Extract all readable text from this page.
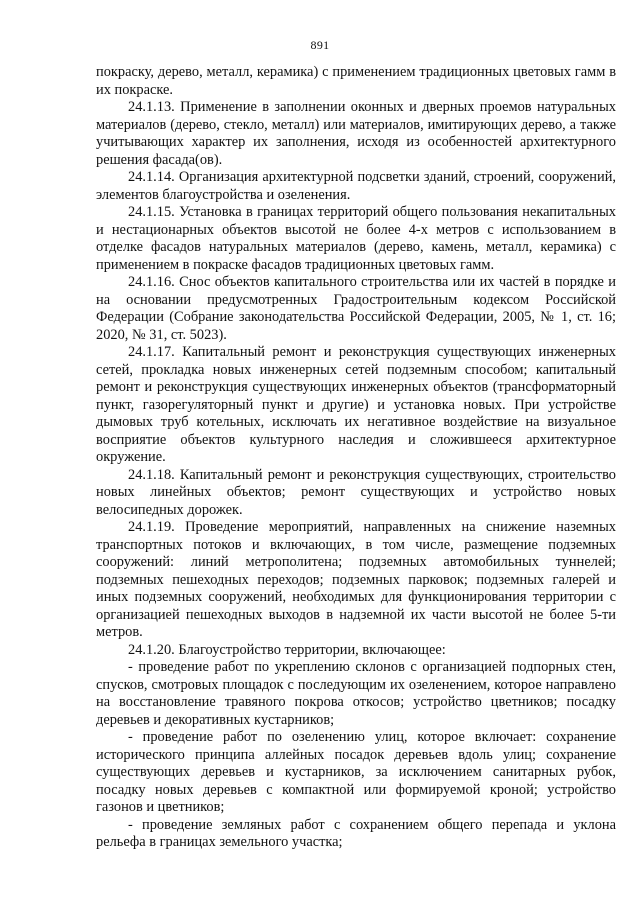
891

покраску, дерево, металл, керамика) с применением традиционных цветовых гамм в их покраске.

24.1.13. Применение в заполнении оконных и дверных проемов натуральных материалов (дерево, стекло, металл) или материалов, имитирующих дерево, а также учитывающих характер их заполнения, исходя из особенностей архитектурного решения фасада(ов).

24.1.14. Организация архитектурной подсветки зданий, строений, сооружений, элементов благоустройства и озеленения.

24.1.15. Установка в границах территорий общего пользования некапитальных и нестационарных объектов высотой не более 4-х метров с использованием в отделке фасадов натуральных материалов (дерево, камень, металл, керамика) с применением в покраске фасадов традиционных цветовых гамм.

24.1.16. Снос объектов капитального строительства или их частей в порядке и на основании предусмотренных Градостроительным кодексом Российской Федерации (Собрание законодательства Российской Федерации, 2005, № 1, ст. 16; 2020, № 31, ст. 5023).

24.1.17. Капитальный ремонт и реконструкция существующих инженерных сетей, прокладка новых инженерных сетей подземным способом; капитальный ремонт и реконструкция существующих инженерных объектов (трансформаторный пункт, газорегуляторный пункт и другие) и установка новых. При устройстве дымовых труб котельных, исключать их негативное воздействие на визуальное восприятие объектов культурного наследия и сложившееся архитектурное окружение.

24.1.18. Капитальный ремонт и реконструкция существующих, строительство новых линейных объектов; ремонт существующих и устройство новых велосипедных дорожек.

24.1.19. Проведение мероприятий, направленных на снижение наземных транспортных потоков и включающих, в том числе, размещение подземных сооружений: линий метрополитена; подземных автомобильных туннелей; подземных пешеходных переходов; подземных парковок; подземных галерей и иных подземных сооружений, необходимых для функционирования территории с организацией пешеходных выходов в надземной их части высотой не более 5-ти метров.

24.1.20. Благоустройство территории, включающее:

- проведение работ по укреплению склонов с организацией подпорных стен, спусков, смотровых площадок с последующим их озеленением, которое направлено на восстановление травяного покрова откосов; устройство цветников; посадку деревьев и декоративных кустарников;

- проведение работ по озеленению улиц, которое включает: сохранение исторического принципа аллейных посадок деревьев вдоль улиц; сохранение существующих деревьев и кустарников, за исключением санитарных рубок, посадку новых деревьев с компактной или формируемой кроной; устройство газонов и цветников;

- проведение земляных работ с сохранением общего перепада и уклона рельефа в границах земельного участка;
